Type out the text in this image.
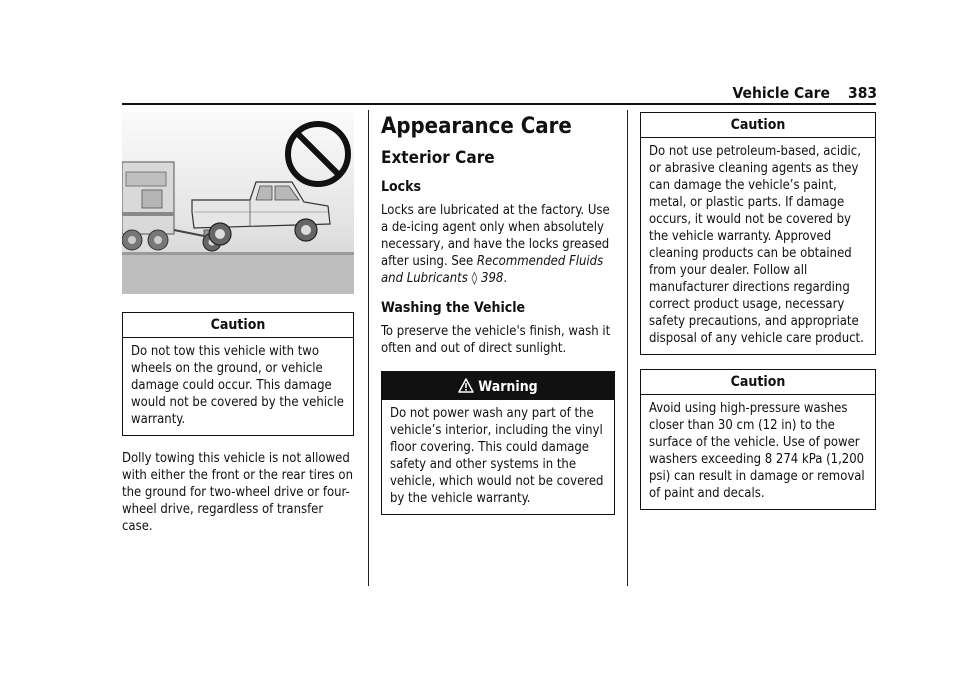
Vehicle Care 383
Caution
Do not tow this vehicle with two wheels on the ground, or vehicle damage could occur. This damage would not be covered by the vehicle warranty.

Dolly towing this vehicle is not allowed with either the front or the rear tires on the ground for two-wheel drive or four-wheel drive, regardless of transfer case.

Appearance Care
Exterior Care
Locks

Locks are lubricated at the factory. Use a de-icing agent only when absolutely necessary, and have the locks greased after using. See Recommended Fluids and Lubricants ◊ 398.

Washing the Vehicle

To preserve the vehicle's finish, wash it often and out of direct sunlight.

Warning
Do not power wash any part of the vehicle’s interior, including the vinyl floor covering. This could damage safety and other systems in the vehicle, which would not be covered by the vehicle warranty.
Caution
Do not use petroleum-based, acidic, or abrasive cleaning agents as they can damage the vehicle’s paint, metal, or plastic parts. If damage occurs, it would not be covered by the vehicle warranty. Approved cleaning products can be obtained from your dealer. Follow all manufacturer directions regarding correct product usage, necessary safety precautions, and appropriate disposal of any vehicle care product.
Caution
Avoid using high-pressure washes closer than 30 cm (12 in) to the surface of the vehicle. Use of power washers exceeding 8 274 kPa (1,200 psi) can result in damage or removal of paint and decals.
